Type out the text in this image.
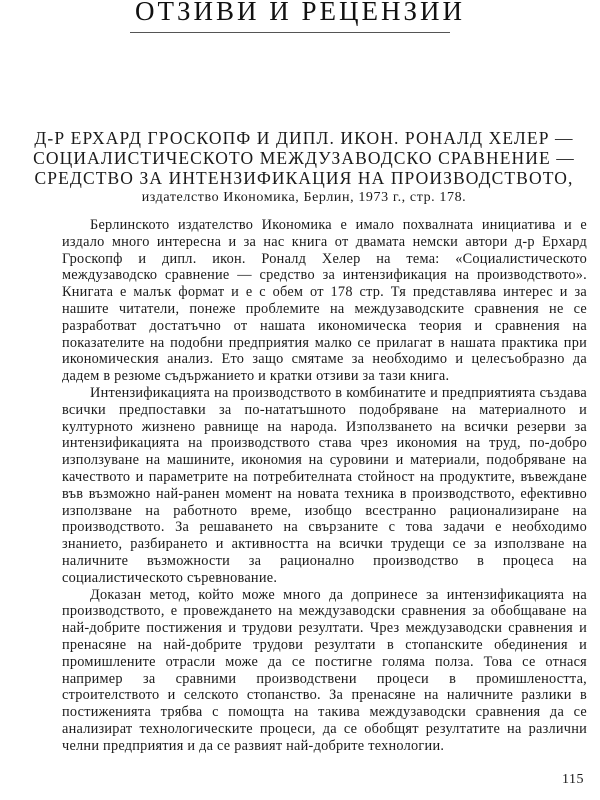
ОТЗИВИ И РЕЦЕНЗИИ
Д-Р ЕРХАРД ГРОСКОПФ И ДИПЛ. ИКОН. РОНАЛД ХЕЛЕР —
СОЦИАЛИСТИЧЕСКОТО МЕЖДУЗАВОДСКО СРАВНЕНИЕ —
СРЕДСТВО ЗА ИНТЕНЗИФИКАЦИЯ НА ПРОИЗВОДСТВОТО,
издателство Икономика, Берлин, 1973 г., стр. 178.

Берлинското издателство Икономика е имало похвалната инициатива и е издало много интересна и за нас книга от двамата немски автори д-р Ерхард Гроскопф и дипл. икон. Роналд Хелер на тема: «Социалистическото междузаводско сравнение — средство за интензификация на производството». Книгата е малък формат и е с обем от 178 стр. Тя представлява интерес и за нашите читатели, понеже проблемите на междузаводските сравнения не се разработват достатъчно от нашата икономическа теория и сравнения на показателите на подобни предприятия малко се прилагат в нашата практика при икономическия анализ. Ето защо смятаме за необходимо и целесъобразно да дадем в резюме съдържанието и кратки отзиви за тази книга.

Интензификацията на производството в комбинатите и предприятията създава всички предпоставки за по-нататъшното подобряване на материалното и културното жизнено равнище на народа. Използването на всички резерви за интензификацията на производството става чрез икономия на труд, по-добро използуване на машините, икономия на суровини и материали, подобряване на качеството и параметрите на потребителната стойност на продуктите, въвеждане във възможно най-ранен момент на новата техника в производството, ефективно използване на работното време, изобщо всестранно рационализиране на производството. За решаването на свързаните с това задачи е необходимо знанието, разбирането и активността на всички трудещи се за използване на наличните възможности за рационално производство в процеса на социалистическото съревнование.

Доказан метод, който може много да допринесе за интензификацията на производството, е провеждането на междузаводски сравнения за обобщаване на най-добрите постижения и трудови резултати. Чрез междузаводски сравнения и пренасяне на най-добрите трудови резултати в стопанските обединения и промишлените отрасли може да се постигне голяма полза. Това се отнася например за сравними производствени процеси в промишлеността, строителството и селското стопанство. За пренасяне на наличните разлики в постиженията трябва с помощта на такива междузаводски сравнения да се анализират технологическите процеси, да се обобщят резултатите на различни челни предприятия и да се развият най-добрите технологии.

115
